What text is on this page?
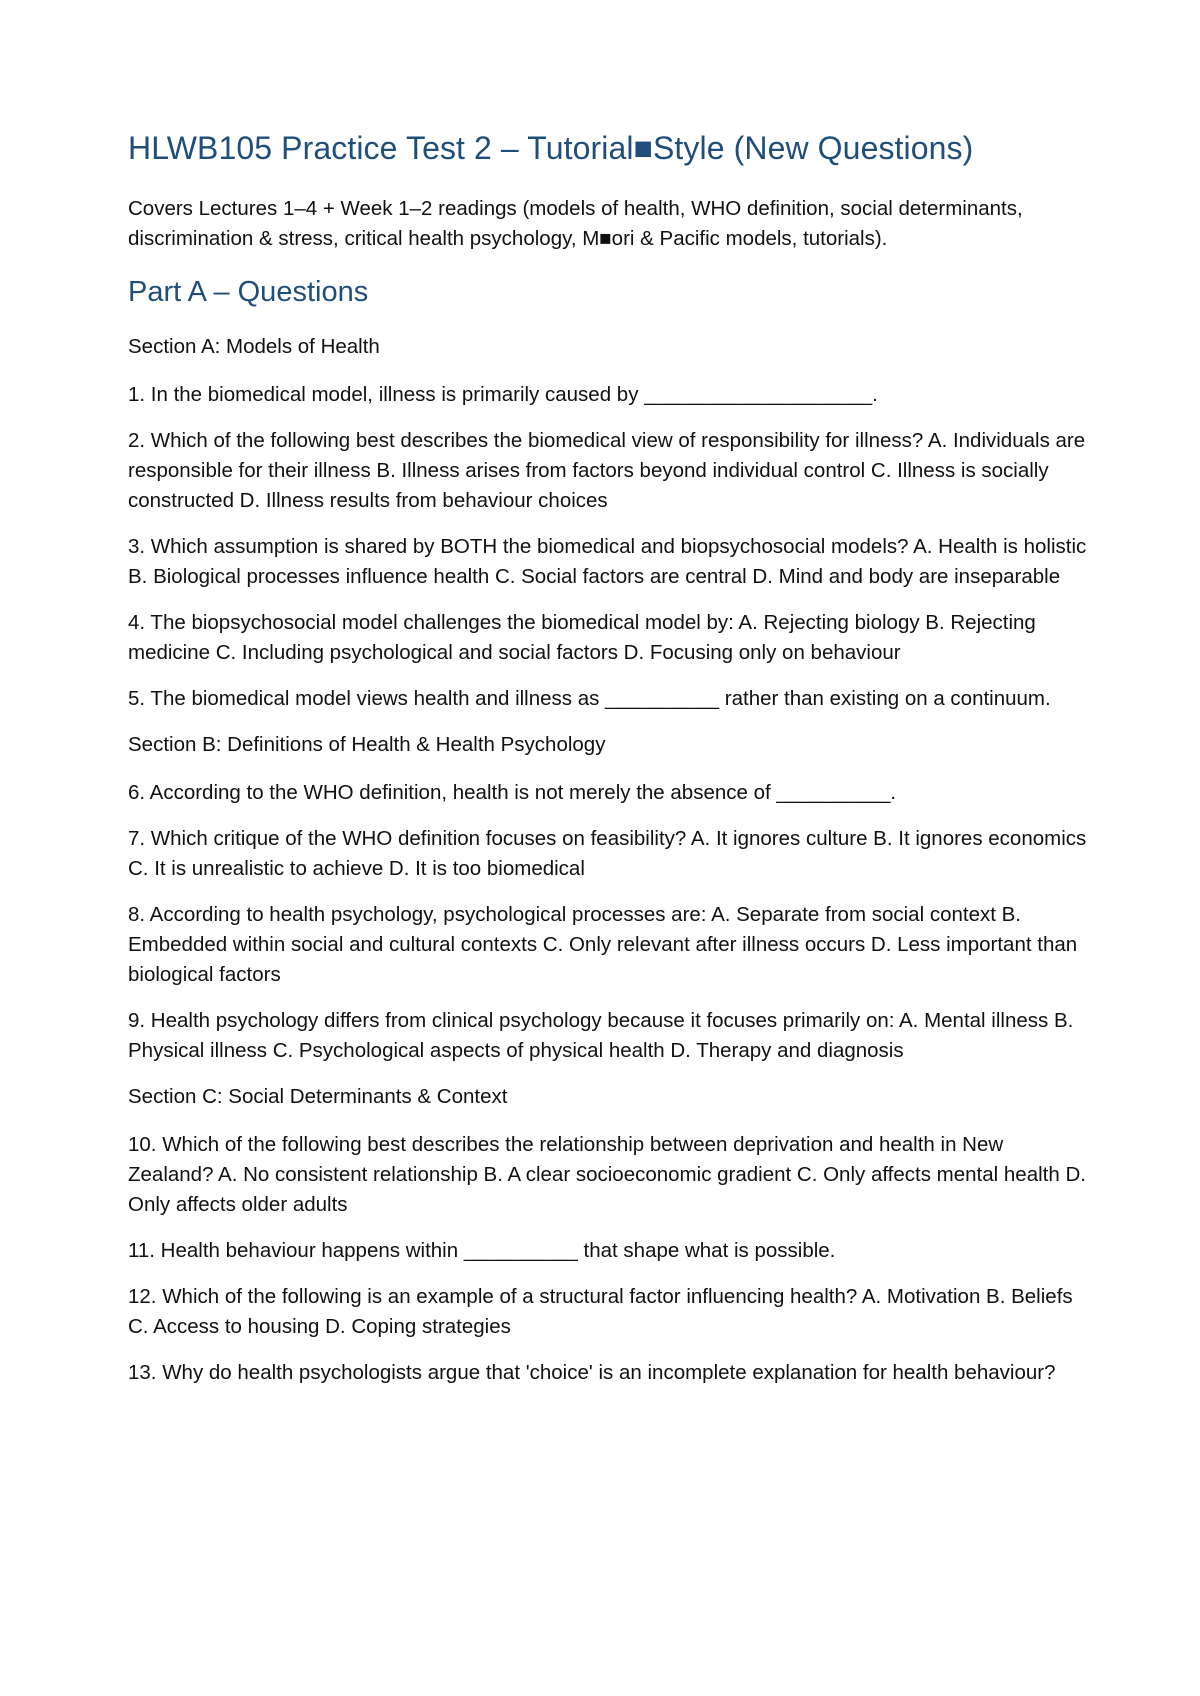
HLWB105 Practice Test 2 – Tutorial■Style (New Questions)

Covers Lectures 1–4 + Week 1–2 readings (models of health, WHO definition, social determinants, discrimination & stress, critical health psychology, M■ori & Pacific models, tutorials).

Part A – Questions

Section A: Models of Health

1. In the biomedical model, illness is primarily caused by ____________________.

2. Which of the following best describes the biomedical view of responsibility for illness? A. Individuals are responsible for their illness B. Illness arises from factors beyond individual control C. Illness is socially constructed D. Illness results from behaviour choices

3. Which assumption is shared by BOTH the biomedical and biopsychosocial models? A. Health is holistic B. Biological processes influence health C. Social factors are central D. Mind and body are inseparable

4. The biopsychosocial model challenges the biomedical model by: A. Rejecting biology B. Rejecting medicine C. Including psychological and social factors D. Focusing only on behaviour

5. The biomedical model views health and illness as __________ rather than existing on a continuum.

Section B: Definitions of Health & Health Psychology

6. According to the WHO definition, health is not merely the absence of __________.

7. Which critique of the WHO definition focuses on feasibility? A. It ignores culture B. It ignores economics C. It is unrealistic to achieve D. It is too biomedical

8. According to health psychology, psychological processes are: A. Separate from social context B. Embedded within social and cultural contexts C. Only relevant after illness occurs D. Less important than biological factors

9. Health psychology differs from clinical psychology because it focuses primarily on: A. Mental illness B. Physical illness C. Psychological aspects of physical health D. Therapy and diagnosis

Section C: Social Determinants & Context

10. Which of the following best describes the relationship between deprivation and health in New Zealand? A. No consistent relationship B. A clear socioeconomic gradient C. Only affects mental health D. Only affects older adults

11. Health behaviour happens within __________ that shape what is possible.

12. Which of the following is an example of a structural factor influencing health? A. Motivation B. Beliefs C. Access to housing D. Coping strategies

13. Why do health psychologists argue that 'choice' is an incomplete explanation for health behaviour?
